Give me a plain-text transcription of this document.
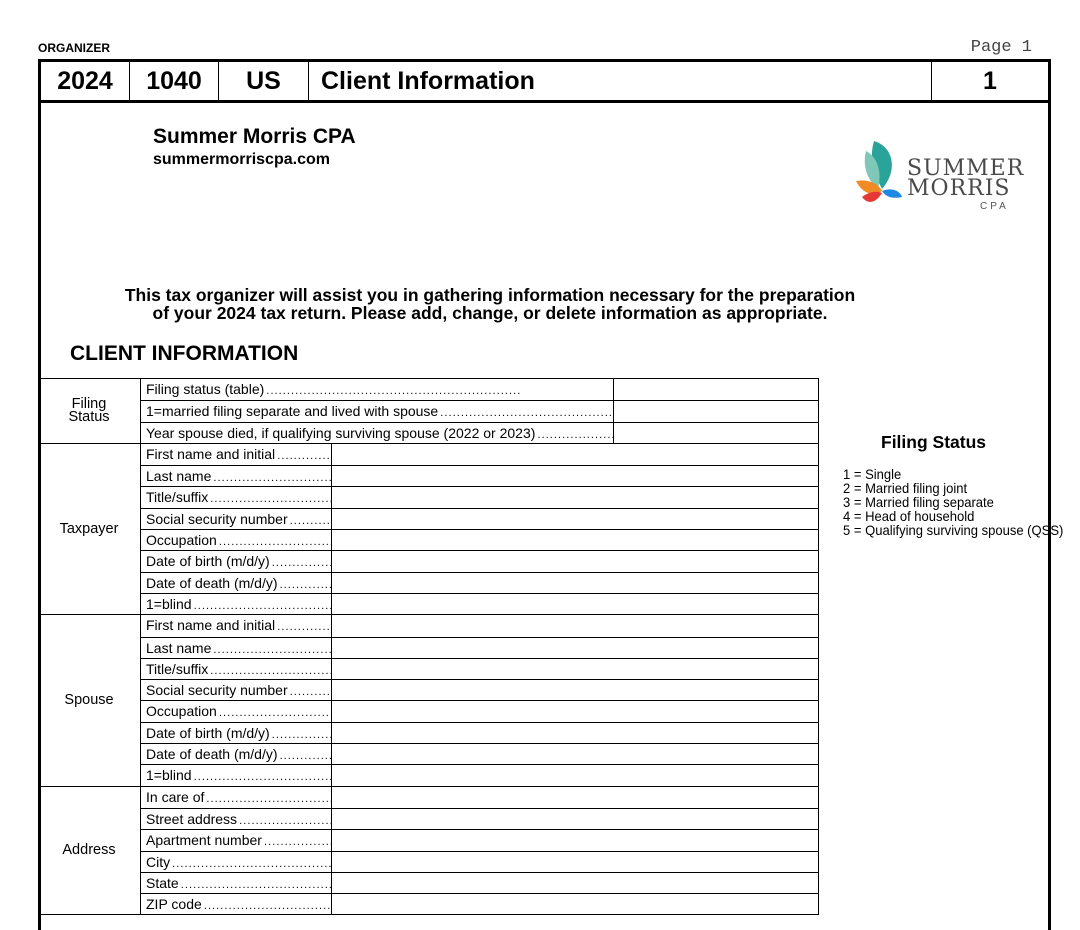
ORGANIZER	Page 1
2024	1040	US	Client Information	1
Summer Morris CPA
summermorriscpa.com	SUMMER
MORRIS
CPA
This tax organizer will assist you in gathering information necessary for the preparation
of your 2024 tax return. Please add, change, or delete information as appropriate.
CLIENT INFORMATION
Filing
Status
Filing status (table) . . .
1=married filing separate and lived with spouse . . .
Year spouse died, if qualifying surviving spouse (2022 or 2023) . . .
Taxpayer
First name and initial . . .
Last name . . .
Title/suffix . . .
Social security number . . .
Occupation . . .
Date of birth (m/d/y) . . .
Date of death (m/d/y) . . .
1=blind . . .
Spouse
First name and initial . . .
Last name . . .
Title/suffix . . .
Social security number . . .
Occupation . . .
Date of birth (m/d/y) . . .
Date of death (m/d/y) . . .
1=blind . . .
Address
In care of . . .
Street address . . .
Apartment number . . .
City . . .
State . . .
ZIP code . . .
Filing Status
1 = Single
2 = Married filing joint
3 = Married filing separate
4 = Head of household
5 = Qualifying surviving spouse (QSS)
